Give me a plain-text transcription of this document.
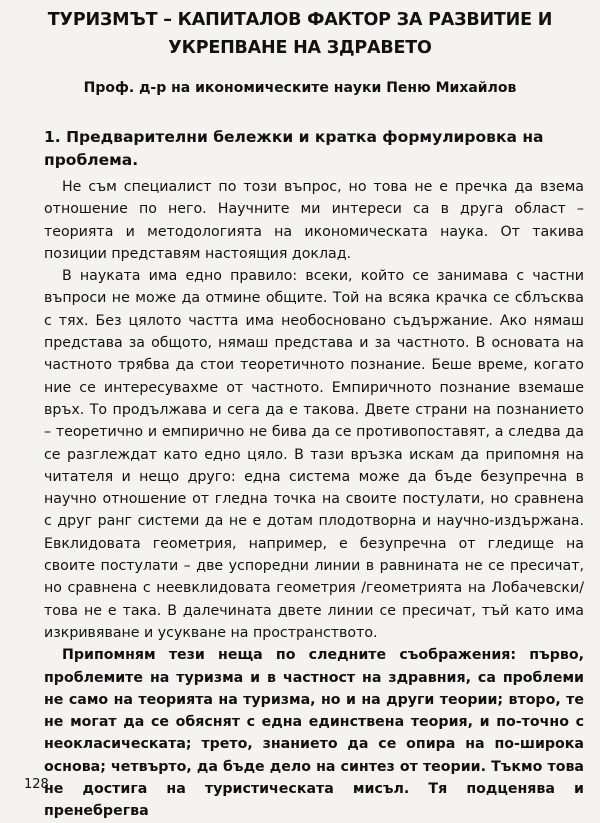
ТУРИЗМЪТ – КАПИТАЛОВ ФАКТОР ЗА РАЗВИТИЕ И
УКРЕПВАНЕ НА ЗДРАВЕТО
Проф. д-р на икономическите науки Пеню Михайлов
1. Предварителни бележки и кратка формулировка на проблема.

Не съм специалист по този въпрос, но това не е пречка да взема отношение по него. Научните ми интереси са в друга област – теорията и методологията на икономическата наука. От такива позиции представям настоящия доклад.

В науката има едно правило: всеки, който се занимава с частни въпроси не може да отмине общите. Той на всяка крачка се сблъсква с тях. Без цялото частта има необосновано съдържание. Ако нямаш представа за общото, нямаш представа и за частното. В основата на частното трябва да стои теоретичното познание. Беше време, когато ние се интересувахме от частното. Емпиричното познание вземаше връх. То продължава и сега да е такова. Двете страни на познанието – теоретично и емпирично не бива да се противопоставят, а следва да се разглеждат като едно цяло. В тази връзка искам да припомня на читателя и нещо друго: една система може да бъде безупречна в научно отношение от гледна точка на своите постулати, но сравнена с друг ранг системи да не е дотам плодотворна и научно-издържана. Евклидовата геометрия, например, е безупречна от гледище на своите постулати – две успоредни линии в равнината не се пресичат, но сравнена с неевклидовата геометрия /геометрията на Лобачевски/ това не е така. В далечината двете линии се пресичат, тъй като има изкривяване и усукване на пространството.

Припомням тези неща по следните съображения: първо, проблемите на туризма и в частност на здравния, са проблеми не само на теорията на туризма, но и на други теории; второ, те не могат да се обяснят с една единствена теория, и по-точно с неокласическата; трето, знанието да се опира на по-широка основа; четвърто, да бъде дело на синтез от теории. Тъкмо това не достига на туристическата мисъл. Тя подценява и пренебрегва

128
